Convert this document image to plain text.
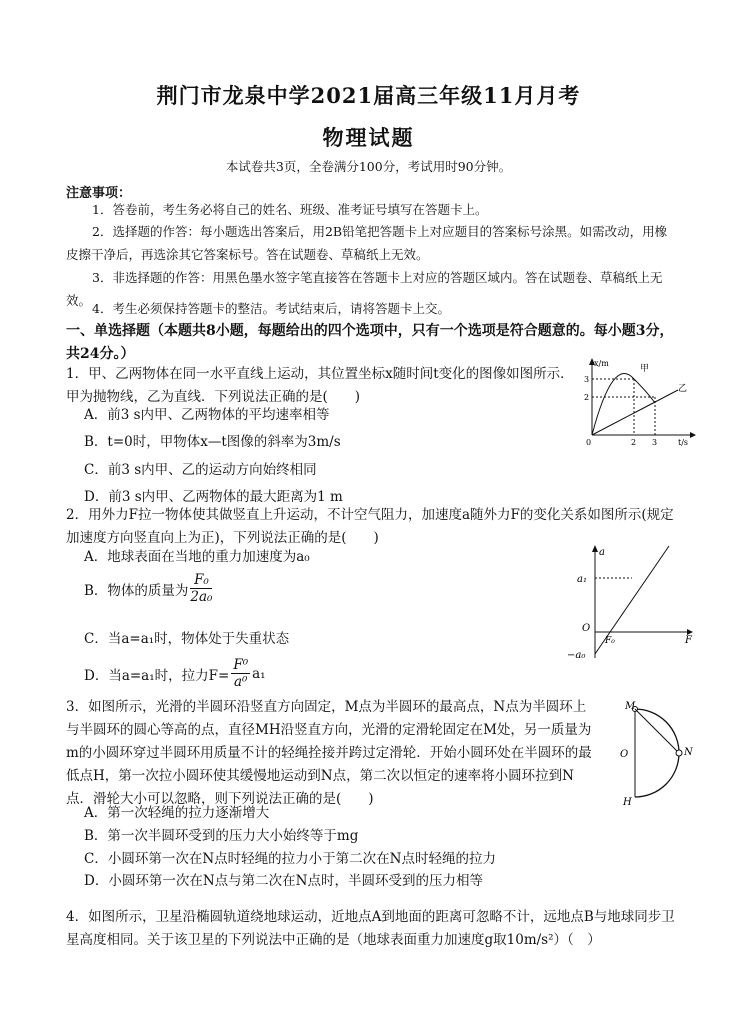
荆门市龙泉中学2021届高三年级11月月考
物理试题
本试卷共3页，全卷满分100分，考试用时90分钟。
注意事项：
1．答卷前，考生务必将自己的姓名、班级、准考证号填写在答题卡上。
2．选择题的作答：每小题选出答案后，用2B铅笔把答题卡上对应题目的答案标号涂黑。如需改动，用橡皮擦干净后，再选涂其它答案标号。答在试题卷、草稿纸上无效。
3．非选择题的作答：用黑色墨水签字笔直接答在答题卡上对应的答题区域内。答在试题卷、草稿纸上无效。
4．考生必须保持答题卡的整洁。考试结束后，请将答题卡上交。
一、单选择题（本题共8小题，每题给出的四个选项中，只有一个选项是符合题意的。每小题3分，共24分。）
1．甲、乙两物体在同一水平直线上运动，其位置坐标x随时间t变化的图像如图所示．甲为抛物线，乙为直线．下列说法正确的是(　　)
A．前3 s内甲、乙两物体的平均速率相等
B．t=0时，甲物体x—t图像的斜率为3m/s
C．前3 s内甲、乙的运动方向始终相同
D．前3 s内甲、乙两物体的最大距离为1 m
x/m
t/s
0
3
2
2 3
甲
乙
2．用外力F拉一物体使其做竖直上升运动，不计空气阻力，加速度a随外力F的变化关系如图所示(规定加速度方向竖直向上为正)，下列说法正确的是(　　)
A．地球表面在当地的重力加速度为a₀
B．物体的质量为 $\frac{\text{F₀}}{\text{2a₀}}$
C．当a=a₁时，物体处于失重状态
D．当a=a₁时，拉力$F= \frac{\text{F⁰}}{\text{a⁰}} a_1$
a
a₁
O
F₀	F
−a₀
3．如图所示，光滑的半圆环沿竖直方向固定，M点为半圆环的最高点，N点为半圆环上与半圆环的圆心等高的点，直径MH沿竖直方向，光滑的定滑轮固定在M处，另一质量为m的小圆环穿过半圆环用质量不计的轻绳拴接并跨过定滑轮．开始小圆环处在半圆环的最低点H，第一次拉小圆环使其缓慢地运动到N点，第二次以恒定的速率将小圆环拉到N点．滑轮大小可以忽略，则下列说法正确的是(　　)
A．第一次轻绳的拉力逐渐增大
B．第一次半圆环受到的压力大小始终等于mg
C．小圆环第一次在N点时轻绳的拉力小于第二次在N点时轻绳的拉力
D．小圆环第一次在N点与第二次在N点时，半圆环受到的压力相等
M
N
O
H
4．如图所示，卫星沿椭圆轨道绕地球运动，近地点A到地面的距离可忽略不计，远地点B与地球同步卫星高度相同。关于该卫星的下列说法中正确的是（地球表面重力加速度g取10m/s²）（　）
